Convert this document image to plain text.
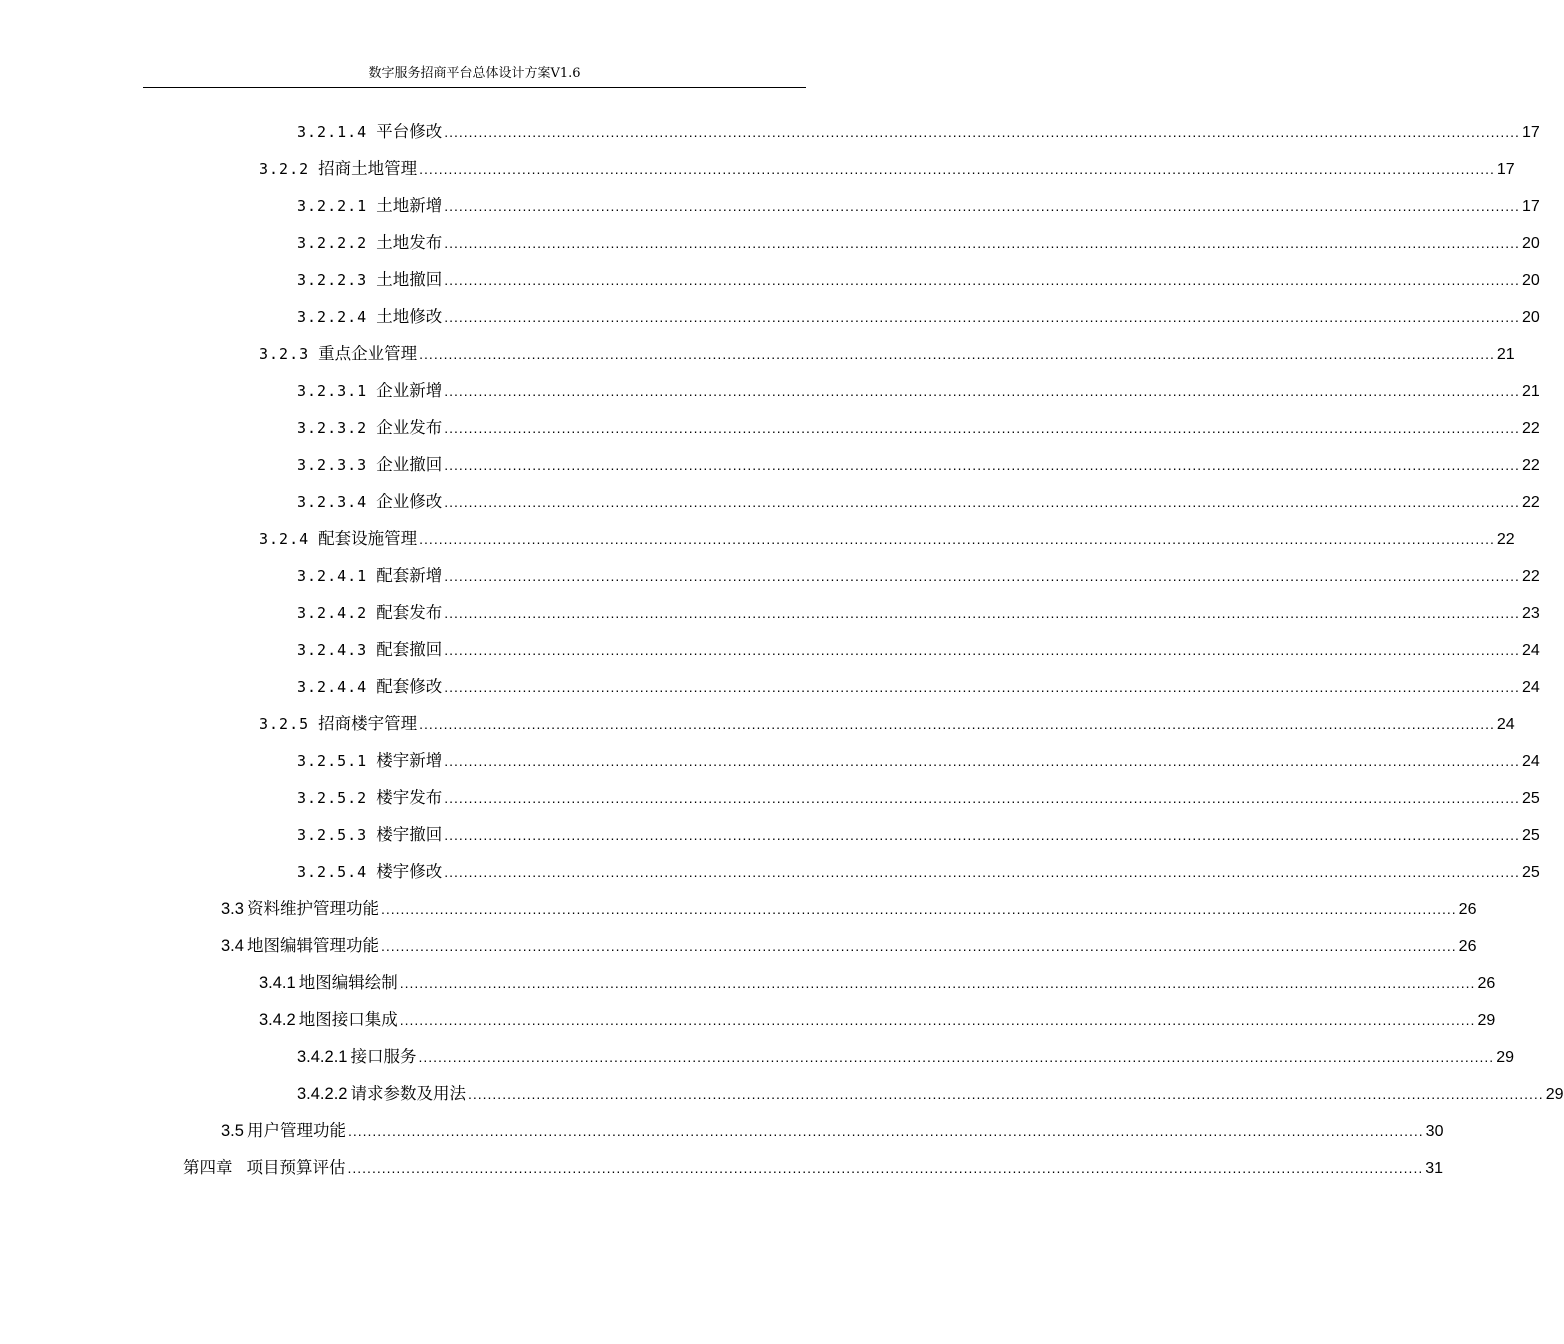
数字服务招商平台总体设计方案V1.6
3.2.1.4 平台修改 ............................................................................................................................................................................................................................ 17
3.2.2 招商土地管理 ............................................................................................................................................................................................................................ 17
3.2.2.1 土地新增 ............................................................................................................................................................................................................................ 17
3.2.2.2 土地发布 ............................................................................................................................................................................................................................ 20
3.2.2.3 土地撤回 ............................................................................................................................................................................................................................ 20
3.2.2.4 土地修改 ............................................................................................................................................................................................................................ 20
3.2.3 重点企业管理 ............................................................................................................................................................................................................................ 21
3.2.3.1 企业新增 ............................................................................................................................................................................................................................ 21
3.2.3.2 企业发布 ............................................................................................................................................................................................................................ 22
3.2.3.3 企业撤回 ............................................................................................................................................................................................................................ 22
3.2.3.4 企业修改 ............................................................................................................................................................................................................................ 22
3.2.4 配套设施管理 ............................................................................................................................................................................................................................ 22
3.2.4.1 配套新增 ............................................................................................................................................................................................................................ 22
3.2.4.2 配套发布 ............................................................................................................................................................................................................................ 23
3.2.4.3 配套撤回 ............................................................................................................................................................................................................................ 24
3.2.4.4 配套修改 ............................................................................................................................................................................................................................ 24
3.2.5 招商楼宇管理 ............................................................................................................................................................................................................................ 24
3.2.5.1 楼宇新增 ............................................................................................................................................................................................................................ 24
3.2.5.2 楼宇发布 ............................................................................................................................................................................................................................ 25
3.2.5.3 楼宇撤回 ............................................................................................................................................................................................................................ 25
3.2.5.4 楼宇修改 ............................................................................................................................................................................................................................ 25
3.3 资料维护管理功能 ............................................................................................................................................................................................................................ 26
3.4 地图编辑管理功能 ............................................................................................................................................................................................................................ 26
3.4.1 地图编辑绘制 ............................................................................................................................................................................................................................ 26
3.4.2 地图接口集成 ............................................................................................................................................................................................................................ 29
3.4.2.1 接口服务 ............................................................................................................................................................................................................................ 29
3.4.2.2 请求参数及用法 ............................................................................................................................................................................................................................ 29
3.5 用户管理功能 ............................................................................................................................................................................................................................ 30
第四章 项目预算评估 ............................................................................................................................................................................................................................ 31
